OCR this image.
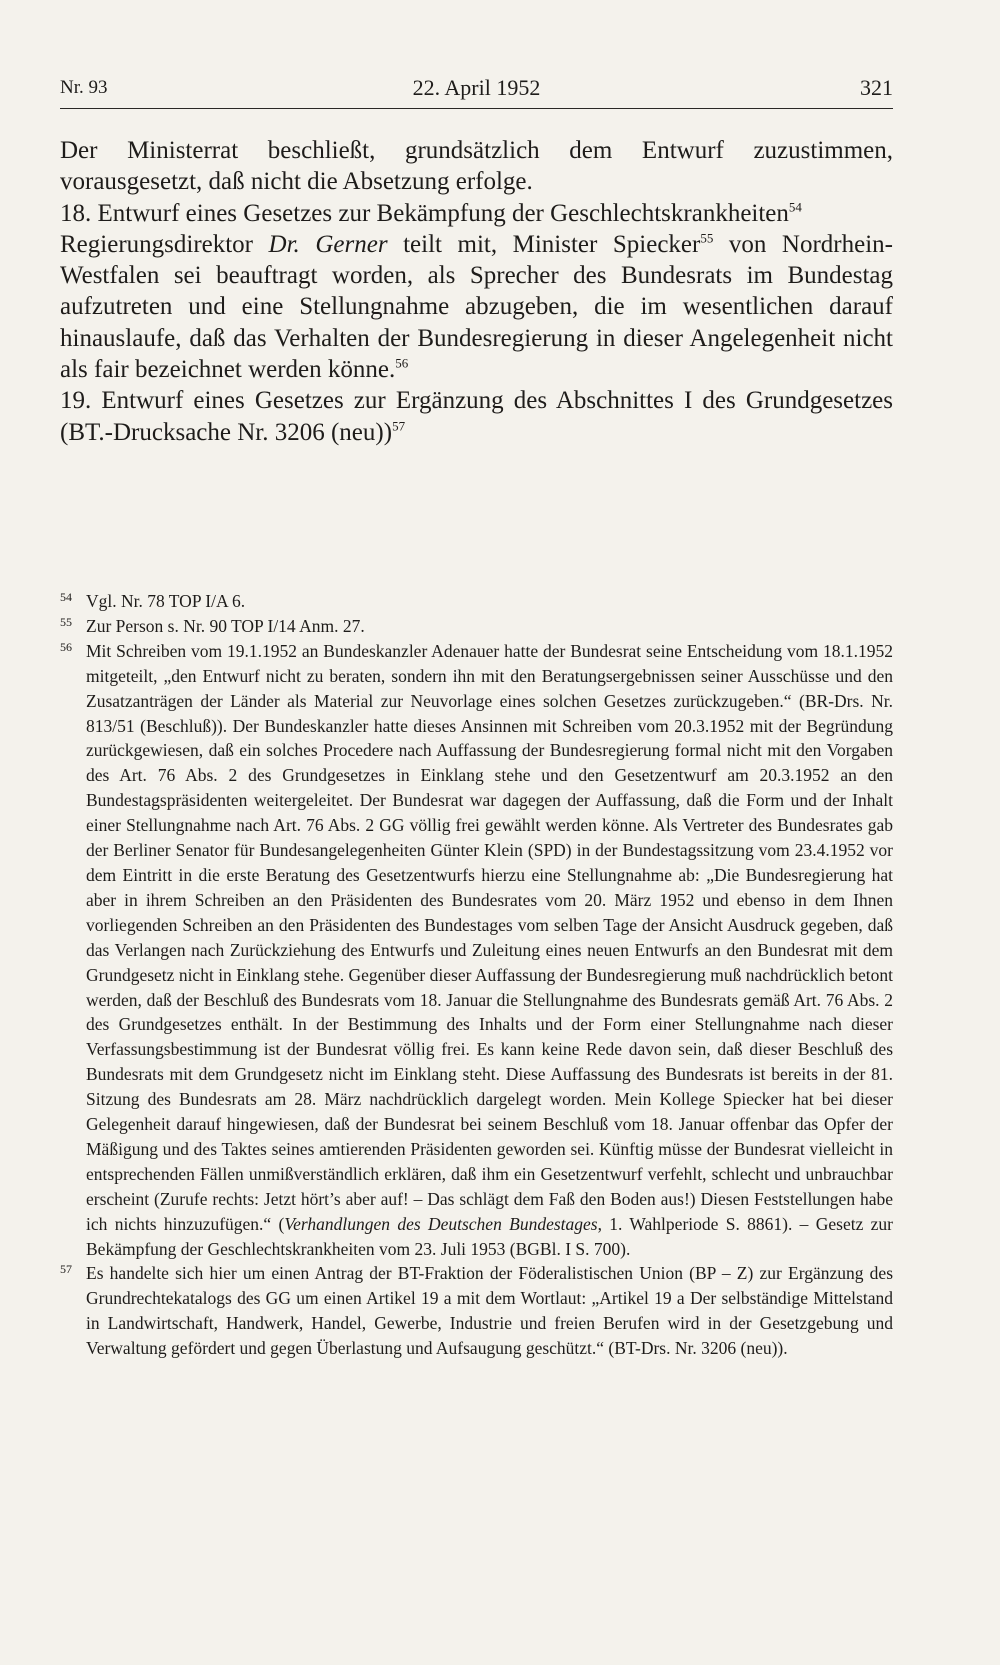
Nr. 93	22. April 1952	321

Der Ministerrat beschließt, grundsätzlich dem Entwurf zuzustimmen, vorausgesetzt, daß nicht die Absetzung erfolge.

18. Entwurf eines Gesetzes zur Bekämpfung der Geschlechtskrankheiten$^{54}$

Regierungsdirektor Dr. Gerner teilt mit, Minister Spiecker$^{55}$ von Nordrhein-Westfalen sei beauftragt worden, als Sprecher des Bundesrats im Bundestag aufzutreten und eine Stellungnahme abzugeben, die im wesentlichen darauf hinauslaufe, daß das Verhalten der Bundesregierung in dieser Angelegenheit nicht als fair bezeichnet werden könne.$^{56}$

19. Entwurf eines Gesetzes zur Ergänzung des Abschnittes I des Grundgesetzes (BT.-Drucksache Nr. 3206 (neu))$^{57}$

54 Vgl. Nr. 78 TOP I/A 6.

55 Zur Person s. Nr. 90 TOP I/14 Anm. 27.

56 Mit Schreiben vom 19.1.1952 an Bundeskanzler Adenauer hatte der Bundesrat seine Entscheidung vom 18.1.1952 mitgeteilt, „den Entwurf nicht zu beraten, sondern ihn mit den Beratungsergebnissen seiner Ausschüsse und den Zusatzanträgen der Länder als Material zur Neuvorlage eines solchen Gesetzes zurückzugeben.“ (BR-Drs. Nr. 813/51 (Beschluß)). Der Bundeskanzler hatte dieses Ansinnen mit Schreiben vom 20.3.1952 mit der Begründung zurückgewiesen, daß ein solches Procedere nach Auffassung der Bundesregierung formal nicht mit den Vorgaben des Art. 76 Abs. 2 des Grundgesetzes in Einklang stehe und den Gesetzentwurf am 20.3.1952 an den Bundestagspräsidenten weitergeleitet. Der Bundesrat war dagegen der Auffassung, daß die Form und der Inhalt einer Stellungnahme nach Art. 76 Abs. 2 GG völlig frei gewählt werden könne. Als Vertreter des Bundesrates gab der Berliner Senator für Bundesangelegenheiten Günter Klein (SPD) in der Bundestagssitzung vom 23.4.1952 vor dem Eintritt in die erste Beratung des Gesetzentwurfs hierzu eine Stellungnahme ab: „Die Bundesregierung hat aber in ihrem Schreiben an den Präsidenten des Bundesrates vom 20. März 1952 und ebenso in dem Ihnen vorliegenden Schreiben an den Präsidenten des Bundestages vom selben Tage der Ansicht Ausdruck gegeben, daß das Verlangen nach Zurückziehung des Entwurfs und Zuleitung eines neuen Entwurfs an den Bundesrat mit dem Grundgesetz nicht in Einklang stehe. Gegenüber dieser Auffassung der Bundesregierung muß nachdrücklich betont werden, daß der Beschluß des Bundesrats vom 18. Januar die Stellungnahme des Bundesrats gemäß Art. 76 Abs. 2 des Grundgesetzes enthält. In der Bestimmung des Inhalts und der Form einer Stellungnahme nach dieser Verfassungsbestimmung ist der Bundesrat völlig frei. Es kann keine Rede davon sein, daß dieser Beschluß des Bundesrats mit dem Grundgesetz nicht im Einklang steht. Diese Auffassung des Bundesrats ist bereits in der 81. Sitzung des Bundesrats am 28. März nachdrücklich dargelegt worden. Mein Kollege Spiecker hat bei dieser Gelegenheit darauf hingewiesen, daß der Bundesrat bei seinem Beschluß vom 18. Januar offenbar das Opfer der Mäßigung und des Taktes seines amtierenden Präsidenten geworden sei. Künftig müsse der Bundesrat vielleicht in entsprechenden Fällen unmißverständlich erklären, daß ihm ein Gesetzentwurf verfehlt, schlecht und unbrauchbar erscheint (Zurufe rechts: Jetzt hört’s aber auf! – Das schlägt dem Faß den Boden aus!) Diesen Feststellungen habe ich nichts hinzuzufügen.“ (Verhandlungen des Deutschen Bundestages, 1. Wahlperiode S. 8861). – Gesetz zur Bekämpfung der Geschlechtskrankheiten vom 23. Juli 1953 (BGBl. I S. 700).

57 Es handelte sich hier um einen Antrag der BT-Fraktion der Föderalistischen Union (BP – Z) zur Ergänzung des Grundrechtekatalogs des GG um einen Artikel 19 a mit dem Wortlaut: „Artikel 19 a Der selbständige Mittelstand in Landwirtschaft, Handwerk, Handel, Gewerbe, Industrie und freien Berufen wird in der Gesetzgebung und Verwaltung gefördert und gegen Überlastung und Aufsaugung geschützt.“ (BT-Drs. Nr. 3206 (neu)).
